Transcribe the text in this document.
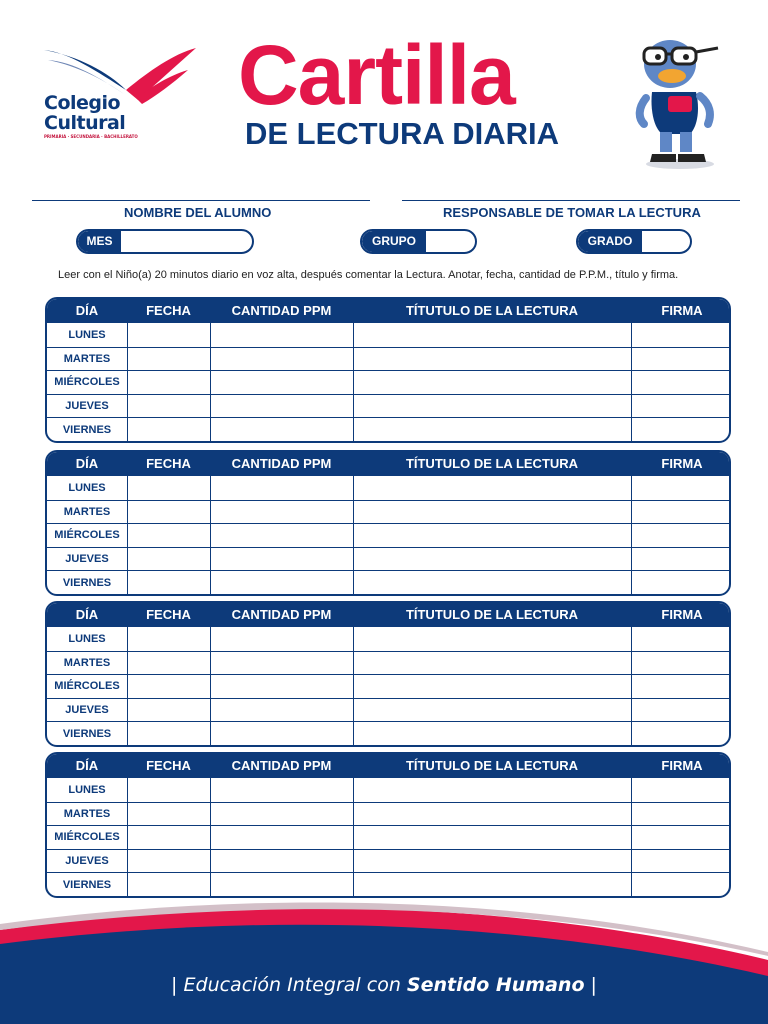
Colegio
Cultural
PRIMARIA · SECUNDARIA · BACHILLERATO
Cartilla
DE LECTURA DIARIA
NOMBRE DEL ALUMNO	RESPONSABLE DE TOMAR LA LECTURA
MES	GRUPO	GRADO
Leer con el Niño(a) 20 minutos diario en voz alta, después comentar la Lectura. Anotar, fecha, cantidad de P.P.M., título y firma.
DÍA	FECHA	CANTIDAD PPM	TÍTUTULO DE LA LECTURA	FIRMA
LUNES
MARTES
MIÉRCOLES
JUEVES
VIERNES
DÍA	FECHA	CANTIDAD PPM	TÍTUTULO DE LA LECTURA	FIRMA
LUNES
MARTES
MIÉRCOLES
JUEVES
VIERNES
DÍA	FECHA	CANTIDAD PPM	TÍTUTULO DE LA LECTURA	FIRMA
LUNES
MARTES
MIÉRCOLES
JUEVES
VIERNES
DÍA	FECHA	CANTIDAD PPM	TÍTUTULO DE LA LECTURA	FIRMA
LUNES
MARTES
MIÉRCOLES
JUEVES
VIERNES
| Educación Integral con Sentido Humano |
